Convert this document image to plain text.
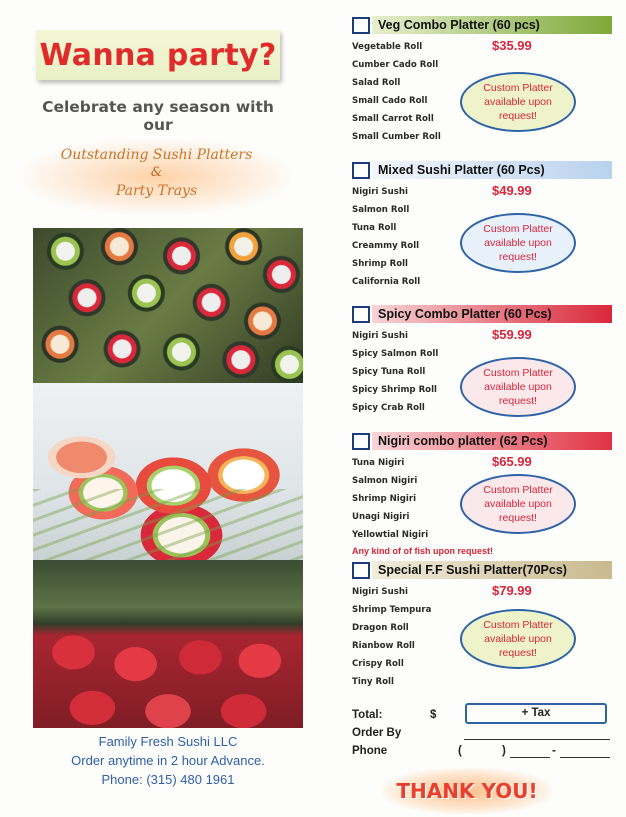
Wanna party?
Celebrate any season with our
Outstanding Sushi Platters
&
Party Trays
Family Fresh Sushi LLC
Order anytime in 2 hour Advance.
Phone: (315) 480 1961
Veg Combo Platter (60 pcs)
$35.99
Vegetable Roll
Cumber Cado Roll
Salad Roll
Small Cado Roll
Small Carrot Roll
Small Cumber Roll
Custom Platter
available upon
request!
Mixed Sushi Platter (60 Pcs)
$49.99
Nigiri Sushi
Salmon Roll
Tuna Roll
Creammy Roll
Shrimp Roll
California Roll
Custom Platter
available upon
request!
Spicy Combo Platter (60 Pcs)
$59.99
Nigiri Sushi
Spicy Salmon Roll
Spicy Tuna Roll
Spicy Shrimp Roll
Spicy Crab Roll
Custom Platter
available upon
request!
Nigiri combo platter (62 Pcs)
$65.99
Tuna Nigiri
Salmon Nigiri
Shrimp Nigiri
Unagi Nigiri
Yellowtial Nigiri
Any kind of of fish upon request!
Custom Platter
available upon
request!
Special F.F Sushi Platter(70Pcs)
$79.99
Nigiri Sushi
Shrimp Tempura
Dragon Roll
Rianbow Roll
Crispy Roll
Tiny Roll
Custom Platter
available upon
request!
Total:	$	+ Tax
Order By
Phone	(	)	-
THANK YOU!
